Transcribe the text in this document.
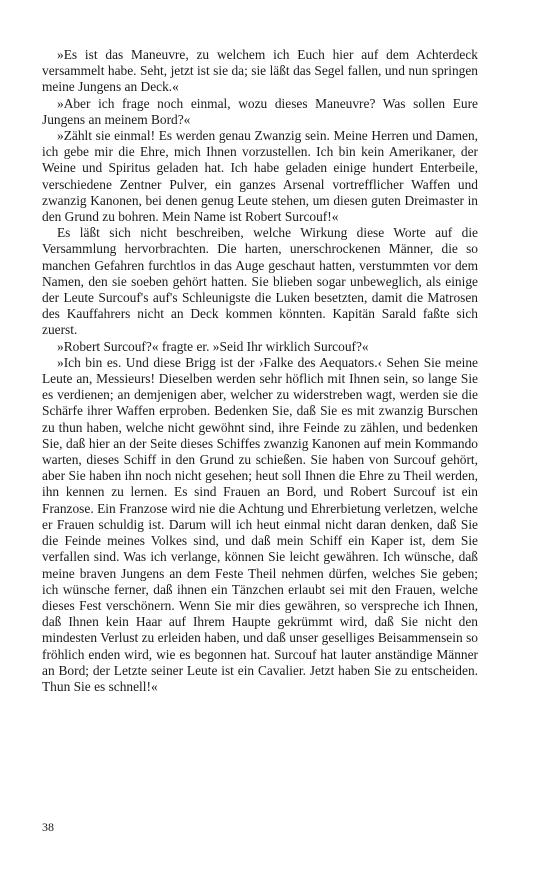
»Es ist das Maneuvre, zu welchem ich Euch hier auf dem Achterdeck versammelt habe. Seht, jetzt ist sie da; sie läßt das Segel fallen, und nun springen meine Jungens an Deck.«

»Aber ich frage noch einmal, wozu dieses Maneuvre? Was sollen Eure Jungens an meinem Bord?«

»Zählt sie einmal! Es werden genau Zwanzig sein. Meine Herren und Damen, ich gebe mir die Ehre, mich Ihnen vorzustellen. Ich bin kein Amerikaner, der Weine und Spiritus geladen hat. Ich habe geladen einige hundert Enterbeile, verschiedene Zentner Pulver, ein ganzes Arsenal vortrefflicher Waffen und zwanzig Kanonen, bei denen genug Leute stehen, um diesen guten Dreimaster in den Grund zu bohren. Mein Name ist Robert Surcouf!«

Es läßt sich nicht beschreiben, welche Wirkung diese Worte auf die Versammlung hervorbrachten. Die harten, unerschrockenen Männer, die so manchen Gefahren furchtlos in das Auge geschaut hatten, verstummten vor dem Namen, den sie soeben gehört hatten. Sie blieben sogar unbeweglich, als einige der Leute Surcouf's auf's Schleunigste die Luken besetzten, damit die Matrosen des Kauffahrers nicht an Deck kommen könnten. Kapitän Sarald faßte sich zuerst.

»Robert Surcouf?« fragte er. »Seid Ihr wirklich Surcouf?«

»Ich bin es. Und diese Brigg ist der ›Falke des Aequators.‹ Sehen Sie meine Leute an, Messieurs! Dieselben werden sehr höflich mit Ihnen sein, so lange Sie es verdienen; an demjenigen aber, welcher zu widerstreben wagt, werden sie die Schärfe ihrer Waffen erproben. Bedenken Sie, daß Sie es mit zwanzig Burschen zu thun haben, welche nicht gewöhnt sind, ihre Feinde zu zählen, und bedenken Sie, daß hier an der Seite dieses Schiffes zwanzig Kanonen auf mein Kommando warten, dieses Schiff in den Grund zu schießen. Sie haben von Surcouf gehört, aber Sie haben ihn noch nicht gesehen; heut soll Ihnen die Ehre zu Theil werden, ihn kennen zu lernen. Es sind Frauen an Bord, und Robert Surcouf ist ein Franzose. Ein Franzose wird nie die Achtung und Ehrerbietung verletzen, welche er Frauen schuldig ist. Darum will ich heut einmal nicht daran denken, daß Sie die Feinde meines Volkes sind, und daß mein Schiff ein Kaper ist, dem Sie verfallen sind. Was ich verlange, können Sie leicht gewähren. Ich wünsche, daß meine braven Jungens an dem Feste Theil nehmen dürfen, welches Sie geben; ich wünsche ferner, daß ihnen ein Tänzchen erlaubt sei mit den Frauen, welche dieses Fest verschönern. Wenn Sie mir dies gewähren, so verspreche ich Ihnen, daß Ihnen kein Haar auf Ihrem Haupte gekrümmt wird, daß Sie nicht den mindesten Verlust zu erleiden haben, und daß unser geselliges Beisammensein so fröhlich enden wird, wie es begonnen hat. Surcouf hat lauter anständige Männer an Bord; der Letzte seiner Leute ist ein Cavalier. Jetzt haben Sie zu entscheiden. Thun Sie es schnell!«

38
